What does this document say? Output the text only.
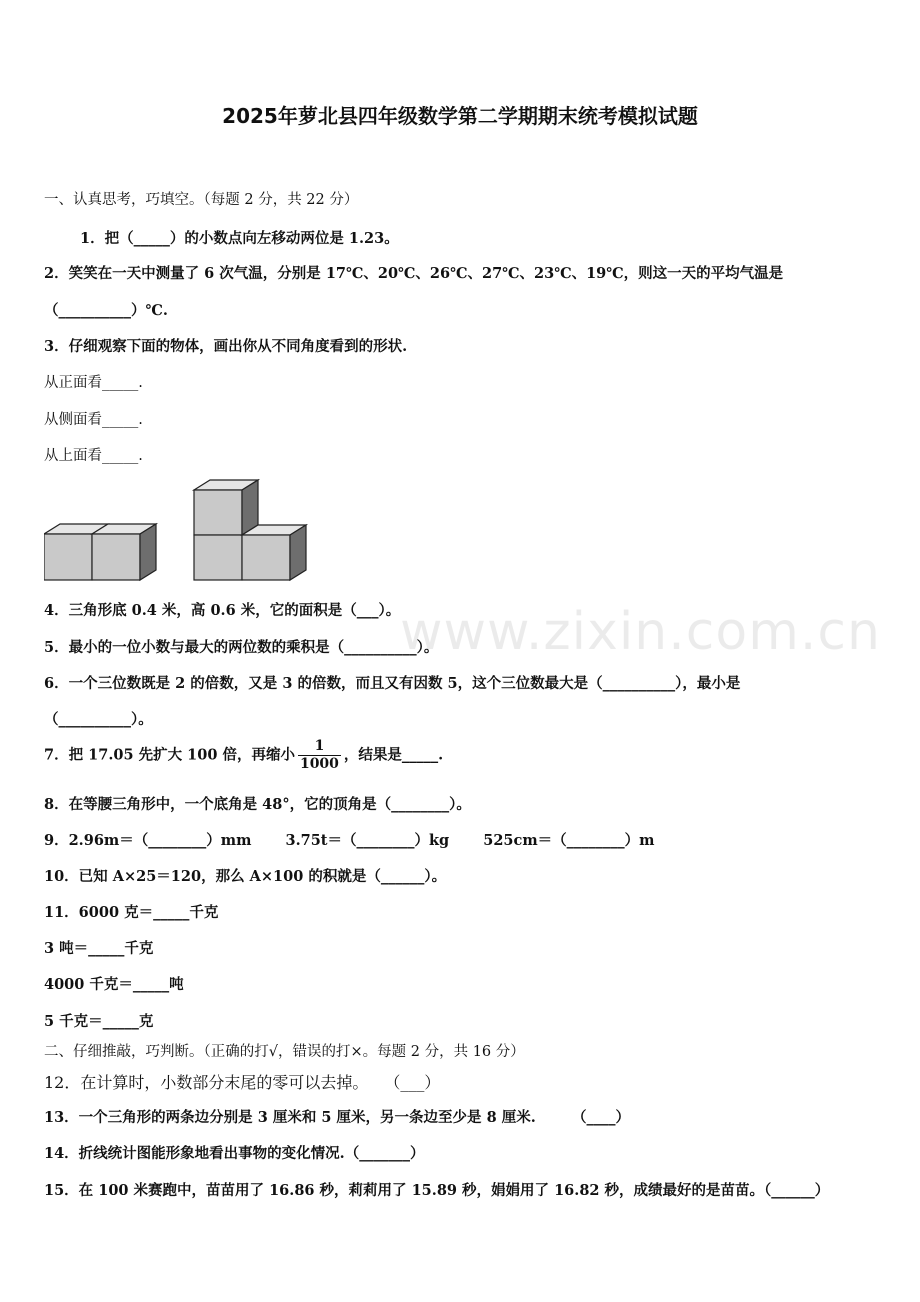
2025年萝北县四年级数学第二学期期末统考模拟试题
www.zixin.com.cn
一、认真思考，巧填空。（每题 2 分，共 22 分）
1．把（_____）的小数点向左移动两位是 1.23。
2．笑笑在一天中测量了 6 次气温，分别是 17℃、20℃、26℃、27℃、23℃、19℃，则这一天的平均气温是
（__________）℃.
3．仔细观察下面的物体，画出你从不同角度看到的形状.
从正面看_____.
从侧面看_____.
从上面看_____.
4．三角形底 0.4 米，高 0.6 米，它的面积是（___）。
5．最小的一位小数与最大的两位数的乘积是（__________）。
6．一个三位数既是 2 的倍数，又是 3 的倍数，而且又有因数 5，这个三位数最大是（__________），最小是
（__________）。
7．把 17.05 先扩大 100 倍，再缩小 $\frac{1}{1000}$ ，结果是_____.
8．在等腰三角形中，一个底角是 48°，它的顶角是（________）。
9．2.96m＝（________）mm　　 3.75t＝（________）kg　　 525cm＝（________）m
10．已知 A×25＝120，那么 A×100 的积就是（______）。
11．6000 克＝_____千克
3 吨＝_____千克
4000 千克＝_____吨
5 千克＝_____克
二、仔细推敲，巧判断。（正确的打√，错误的打×。每题 2 分，共 16 分）
12．在计算时，小数部分末尾的零可以去掉。　　（___）
13．一个三角形的两条边分别是 3 厘米和 5 厘米，另一条边至少是 8 厘米.　　　（____）
14．折线统计图能形象地看出事物的变化情况.（_______）
15．在 100 米赛跑中，苗苗用了 16.86 秒，莉莉用了 15.89 秒，娟娟用了 16.82 秒，成绩最好的是苗苗。（______）
